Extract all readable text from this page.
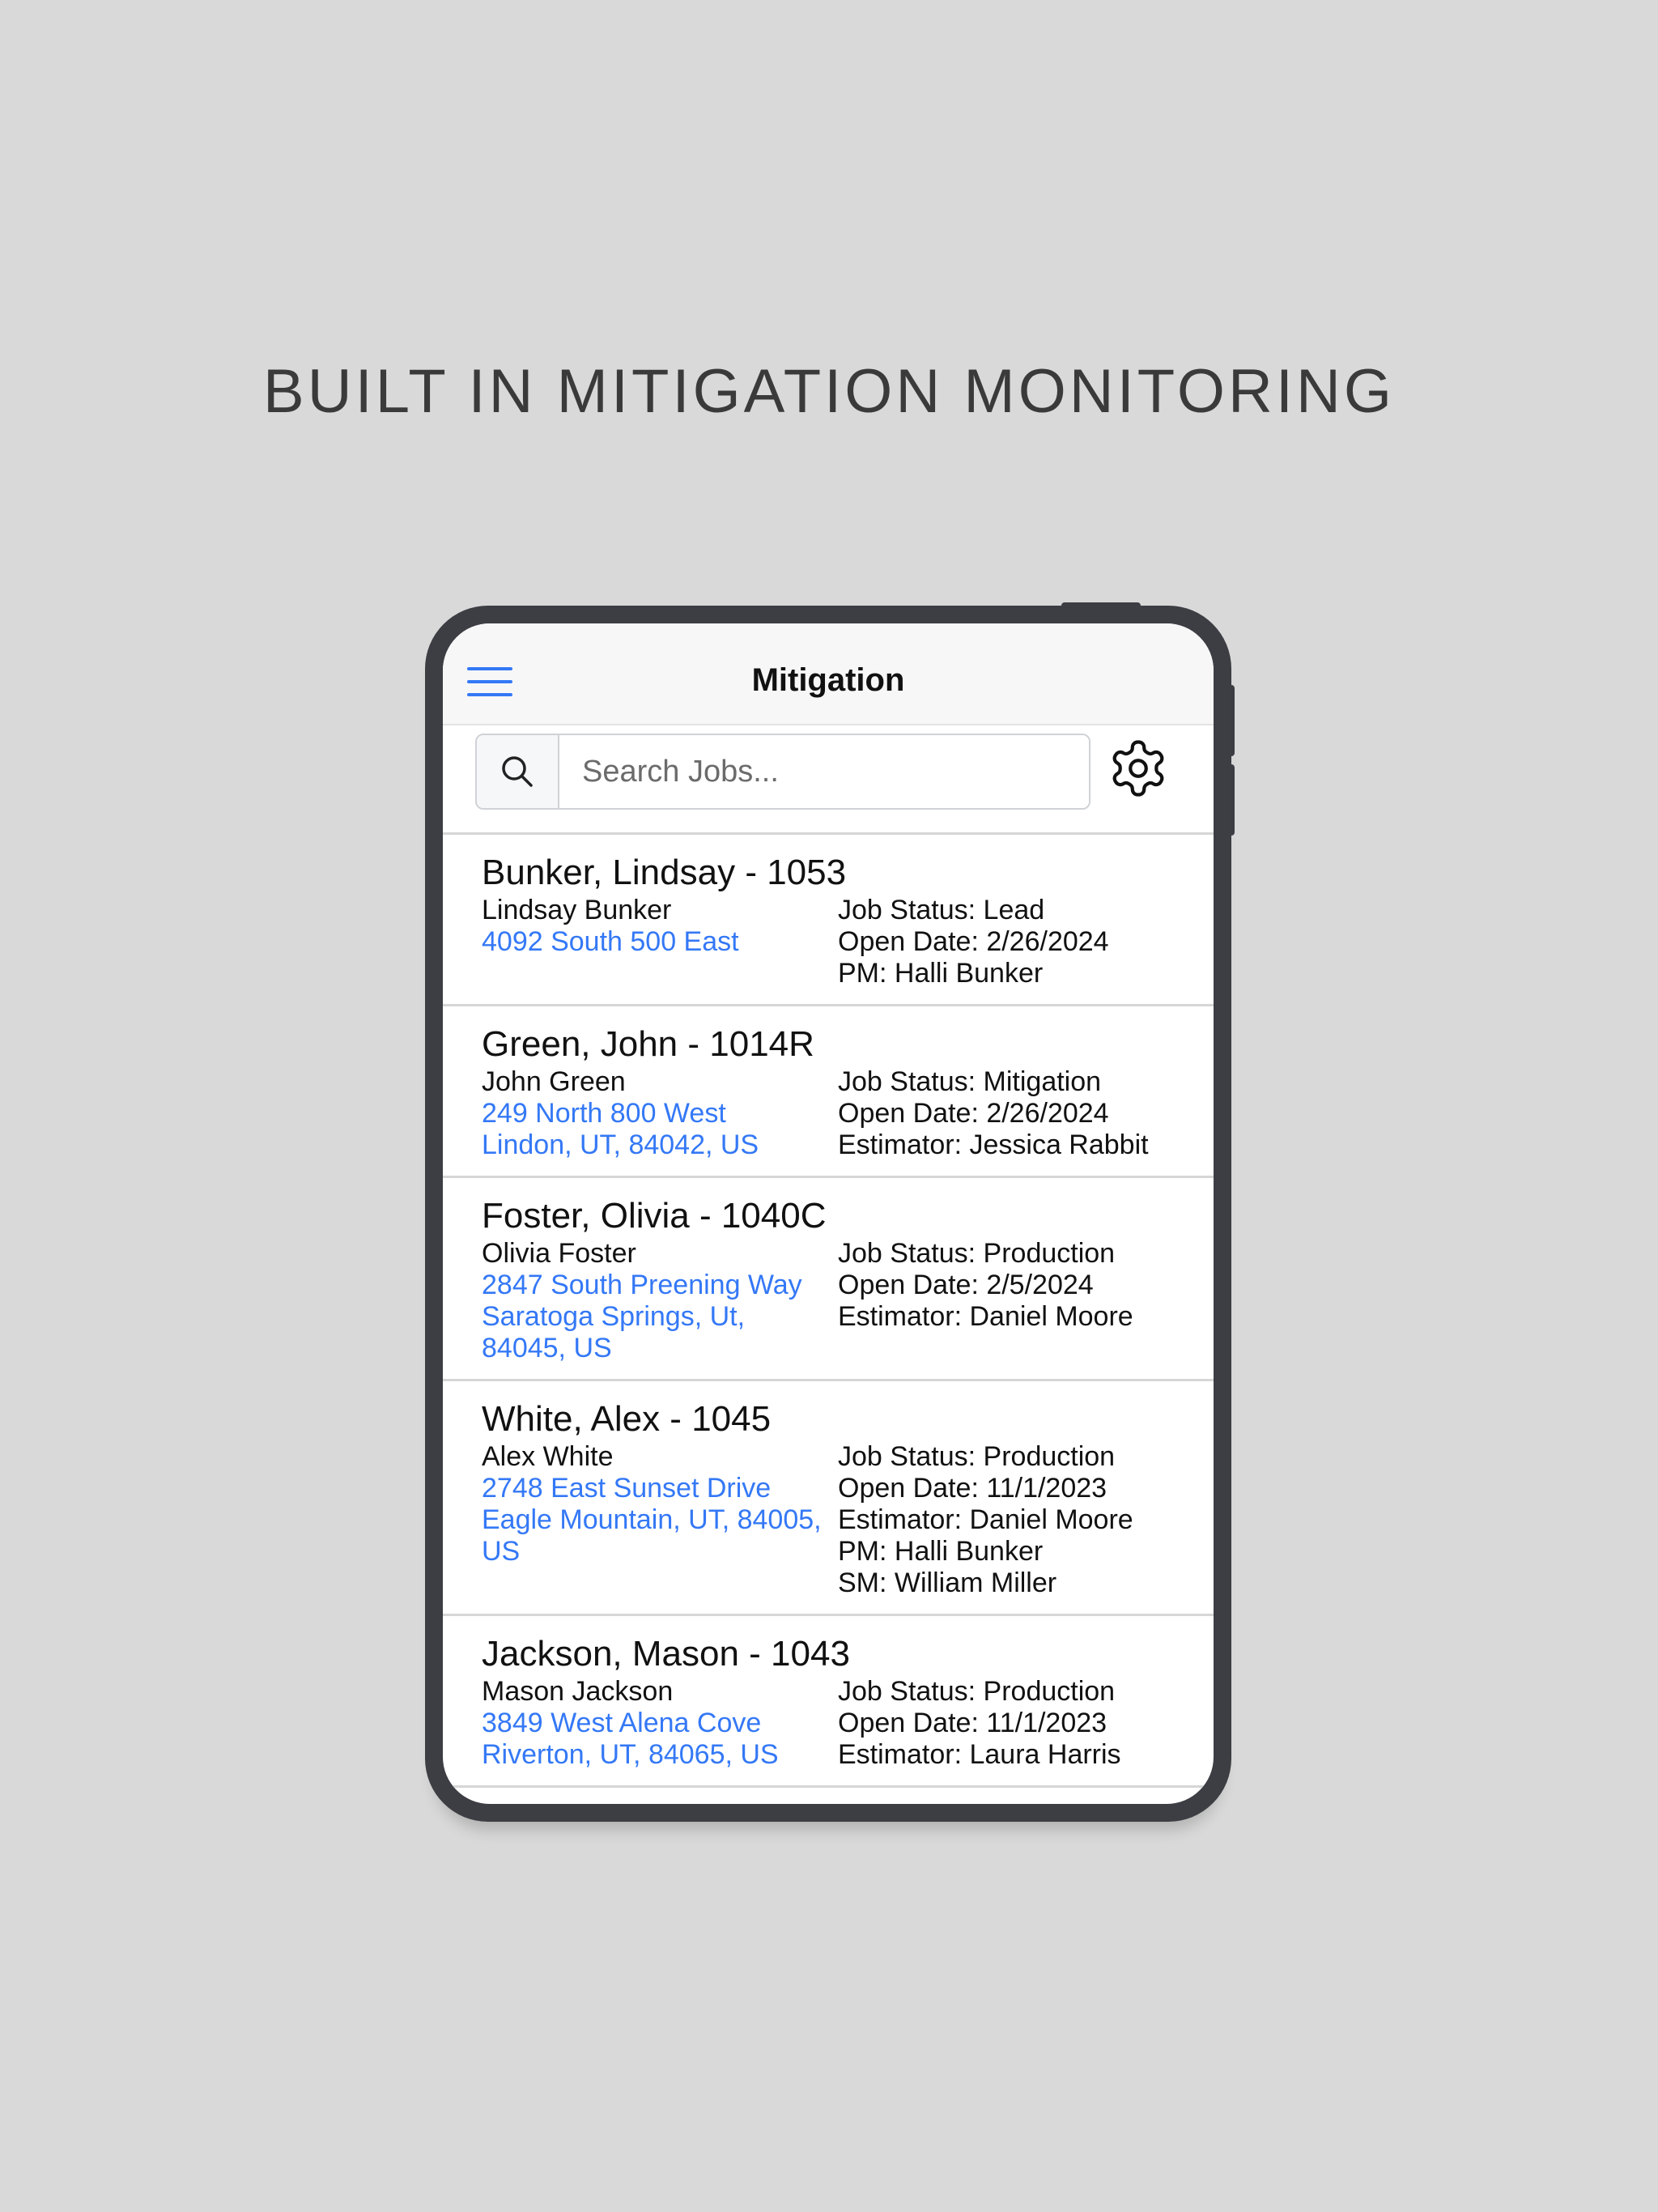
BUILT IN MITIGATION MONITORING
Mitigation
Search Jobs...
Bunker, Lindsay - 1053
Lindsay Bunker
4092 South 500 East
Job Status: Lead
Open Date: 2/26/2024
PM: Halli Bunker
Green, John - 1014R
John Green
249 North 800 West
Lindon, UT, 84042, US
Job Status: Mitigation
Open Date: 2/26/2024
Estimator: Jessica Rabbit
Foster, Olivia - 1040C
Olivia Foster
2847 South Preening Way
Saratoga Springs, Ut,
84045, US
Job Status: Production
Open Date: 2/5/2024
Estimator: Daniel Moore
White, Alex - 1045
Alex White
2748 East Sunset Drive
Eagle Mountain, UT, 84005,
US
Job Status: Production
Open Date: 11/1/2023
Estimator: Daniel Moore
PM: Halli Bunker
SM: William Miller
Jackson, Mason - 1043
Mason Jackson
3849 West Alena Cove
Riverton, UT, 84065, US
Job Status: Production
Open Date: 11/1/2023
Estimator: Laura Harris
